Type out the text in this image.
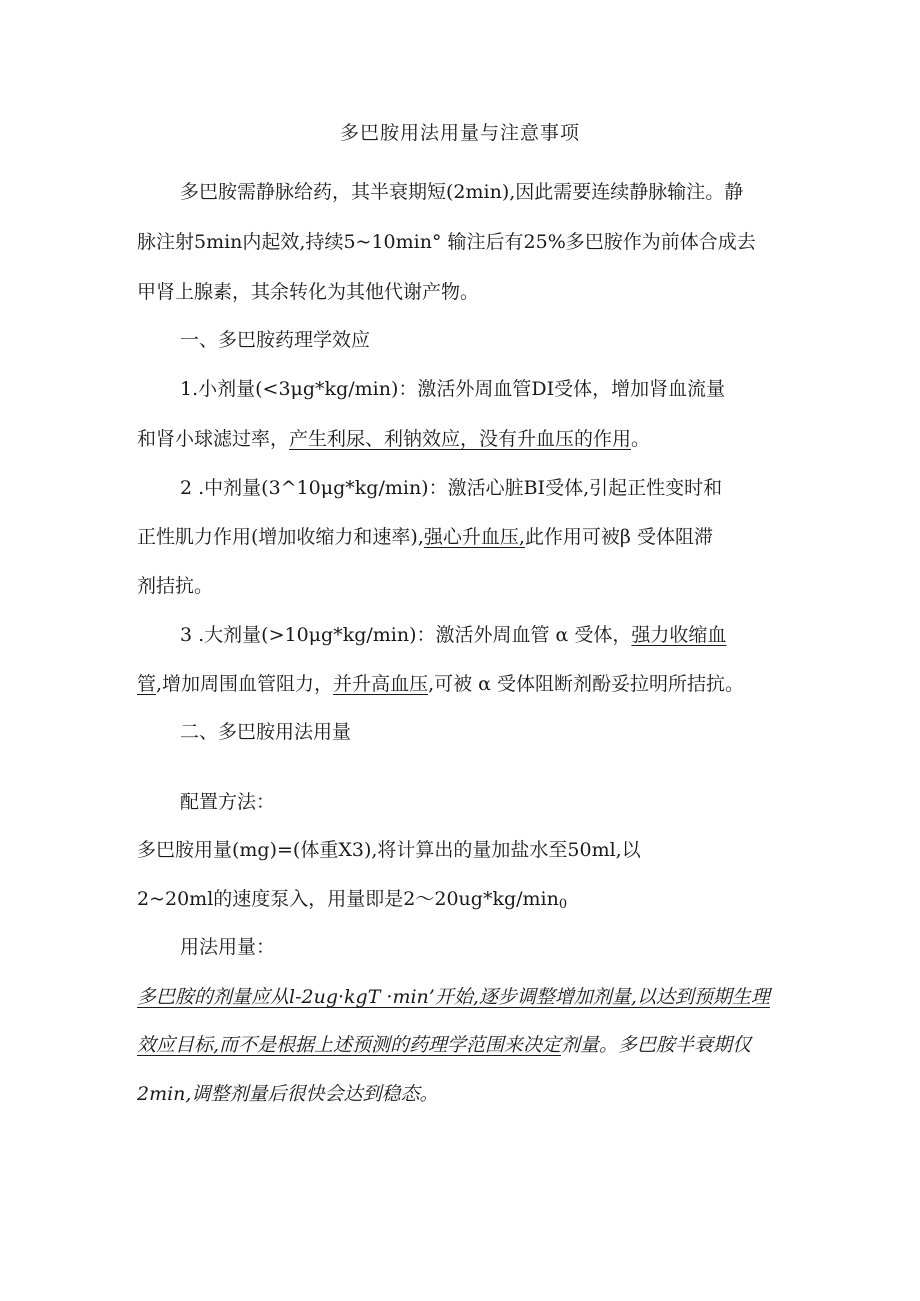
多巴胺用法用量与注意事项
多巴胺需静脉给药，其半衰期短(2min),因此需要连续静脉输注。静
脉注射5min内起效,持续5~10min° 输注后有25%多巴胺作为前体合成去
甲肾上腺素，其余转化为其他代谢产物。
一、多巴胺药理学效应
1.小剂量(<3μg*kg/min)：激活外周血管DI受体，增加肾血流量
和肾小球滤过率，产生利尿、利钠效应，没有升血压的作用。
2 .中剂量(3^10μg*kg/min)：激活心脏BI受体,引起正性变时和
正性肌力作用(增加收缩力和速率),强心升血压,此作用可被β 受体阻滞
剂拮抗。
3 .大剂量(>10μg*kg/min)：激活外周血管 α 受体，强力收缩血
管,增加周围血管阻力，并升高血压,可被 α 受体阻断剂酚妥拉明所拮抗。
二、多巴胺用法用量
配置方法：
多巴胺用量(mg)=(体重X3),将计算出的量加盐水至50ml,以
2~20ml的速度泵入，用量即是$2\sim 20ug*kg/\min_0$
用法用量：
多巴胺的剂量应从l-2ug·kgT ·min’开始,逐步调整增加剂量,以达到预期生理
效应目标,而不是根据上述预测的药理学范围来决定剂量。多巴胺半衰期仅
2min,调整剂量后很快会达到稳态。
